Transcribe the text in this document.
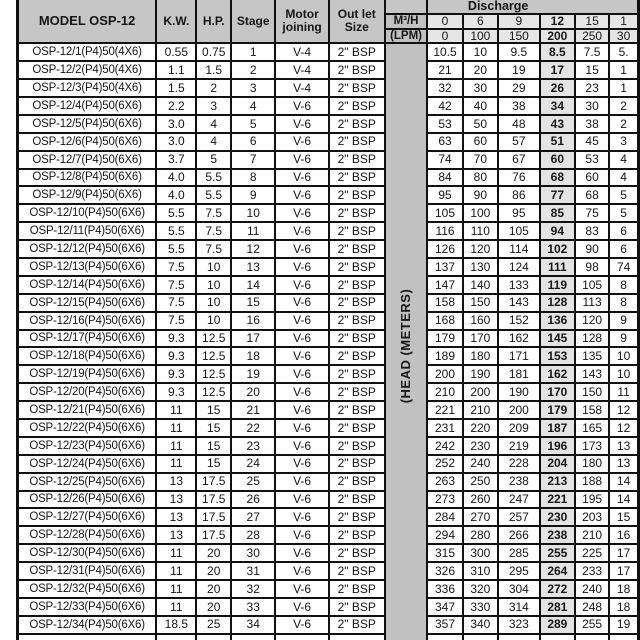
MODEL OSP-12	K.W.	H.P.	Stage	Motor joining	Out let Size		Discharge					
						M³/H	0	6	9	12	15	1
						(LPM)	0	100	150	200	250	30
OSP-12/1(P4)50(4X6)	0.55	0.75	1	V-4	2" BSP	(HEAD (METERS)	10.5	10	9.5	8.5	7.5	5.
OSP-12/2(P4)50(4X6)	1.1	1.5	2	V-4	2" BSP		21	20	19	17	15	1
OSP-12/3(P4)50(4X6)	1.5	2	3	V-4	2" BSP		32	30	29	26	23	1
OSP-12/4(P4)50(6X6)	2.2	3	4	V-6	2" BSP		42	40	38	34	30	2
OSP-12/5(P4)50(6X6)	3.0	4	5	V-6	2" BSP		53	50	48	43	38	2
OSP-12/6(P4)50(6X6)	3.0	4	6	V-6	2" BSP		63	60	57	51	45	3
OSP-12/7(P4)50(6X6)	3.7	5	7	V-6	2" BSP		74	70	67	60	53	4
OSP-12/8(P4)50(6X6)	4.0	5.5	8	V-6	2" BSP		84	80	76	68	60	4
OSP-12/9(P4)50(6X6)	4.0	5.5	9	V-6	2" BSP		95	90	86	77	68	5
OSP-12/10(P4)50(6X6)	5.5	7.5	10	V-6	2" BSP		105	100	95	85	75	5
OSP-12/11(P4)50(6X6)	5.5	7.5	11	V-6	2" BSP		116	110	105	94	83	6
OSP-12/12(P4)50(6X6)	5.5	7.5	12	V-6	2" BSP		126	120	114	102	90	6
OSP-12/13(P4)50(6X6)	7.5	10	13	V-6	2" BSP		137	130	124	111	98	74
OSP-12/14(P4)50(6X6)	7.5	10	14	V-6	2" BSP		147	140	133	119	105	8
OSP-12/15(P4)50(6X6)	7.5	10	15	V-6	2" BSP		158	150	143	128	113	8
OSP-12/16(P4)50(6X6)	7.5	10	16	V-6	2" BSP		168	160	152	136	120	9
OSP-12/17(P4)50(6X6)	9.3	12.5	17	V-6	2" BSP		179	170	162	145	128	9
OSP-12/18(P4)50(6X6)	9.3	12.5	18	V-6	2" BSP		189	180	171	153	135	10
OSP-12/19(P4)50(6X6)	9.3	12.5	19	V-6	2" BSP		200	190	181	162	143	10
OSP-12/20(P4)50(6X6)	9.3	12.5	20	V-6	2" BSP		210	200	190	170	150	11
OSP-12/21(P4)50(6X6)	11	15	21	V-6	2" BSP		221	210	200	179	158	12
OSP-12/22(P4)50(6X6)	11	15	22	V-6	2" BSP		231	220	209	187	165	12
OSP-12/23(P4)50(6X6)	11	15	23	V-6	2" BSP		242	230	219	196	173	13
OSP-12/24(P4)50(6X6)	11	15	24	V-6	2" BSP		252	240	228	204	180	13
OSP-12/25(P4)50(6X6)	13	17.5	25	V-6	2" BSP		263	250	238	213	188	14
OSP-12/26(P4)50(6X6)	13	17.5	26	V-6	2" BSP		273	260	247	221	195	14
OSP-12/27(P4)50(6X6)	13	17.5	27	V-6	2" BSP		284	270	257	230	203	15
OSP-12/28(P4)50(6X6)	13	17.5	28	V-6	2" BSP		294	280	266	238	210	16
OSP-12/30(P4)50(6X6)	11	20	30	V-6	2" BSP		315	300	285	255	225	17
OSP-12/31(P4)50(6X6)	11	20	31	V-6	2" BSP		326	310	295	264	233	17
OSP-12/32(P4)50(6X6)	11	20	32	V-6	2" BSP		336	320	304	272	240	18
OSP-12/33(P4)50(6X6)	11	20	33	V-6	2" BSP		347	330	314	281	248	18
OSP-12/34(P4)50(6X6)	18.5	25	34	V-6	2" BSP		357	340	323	289	255	19
